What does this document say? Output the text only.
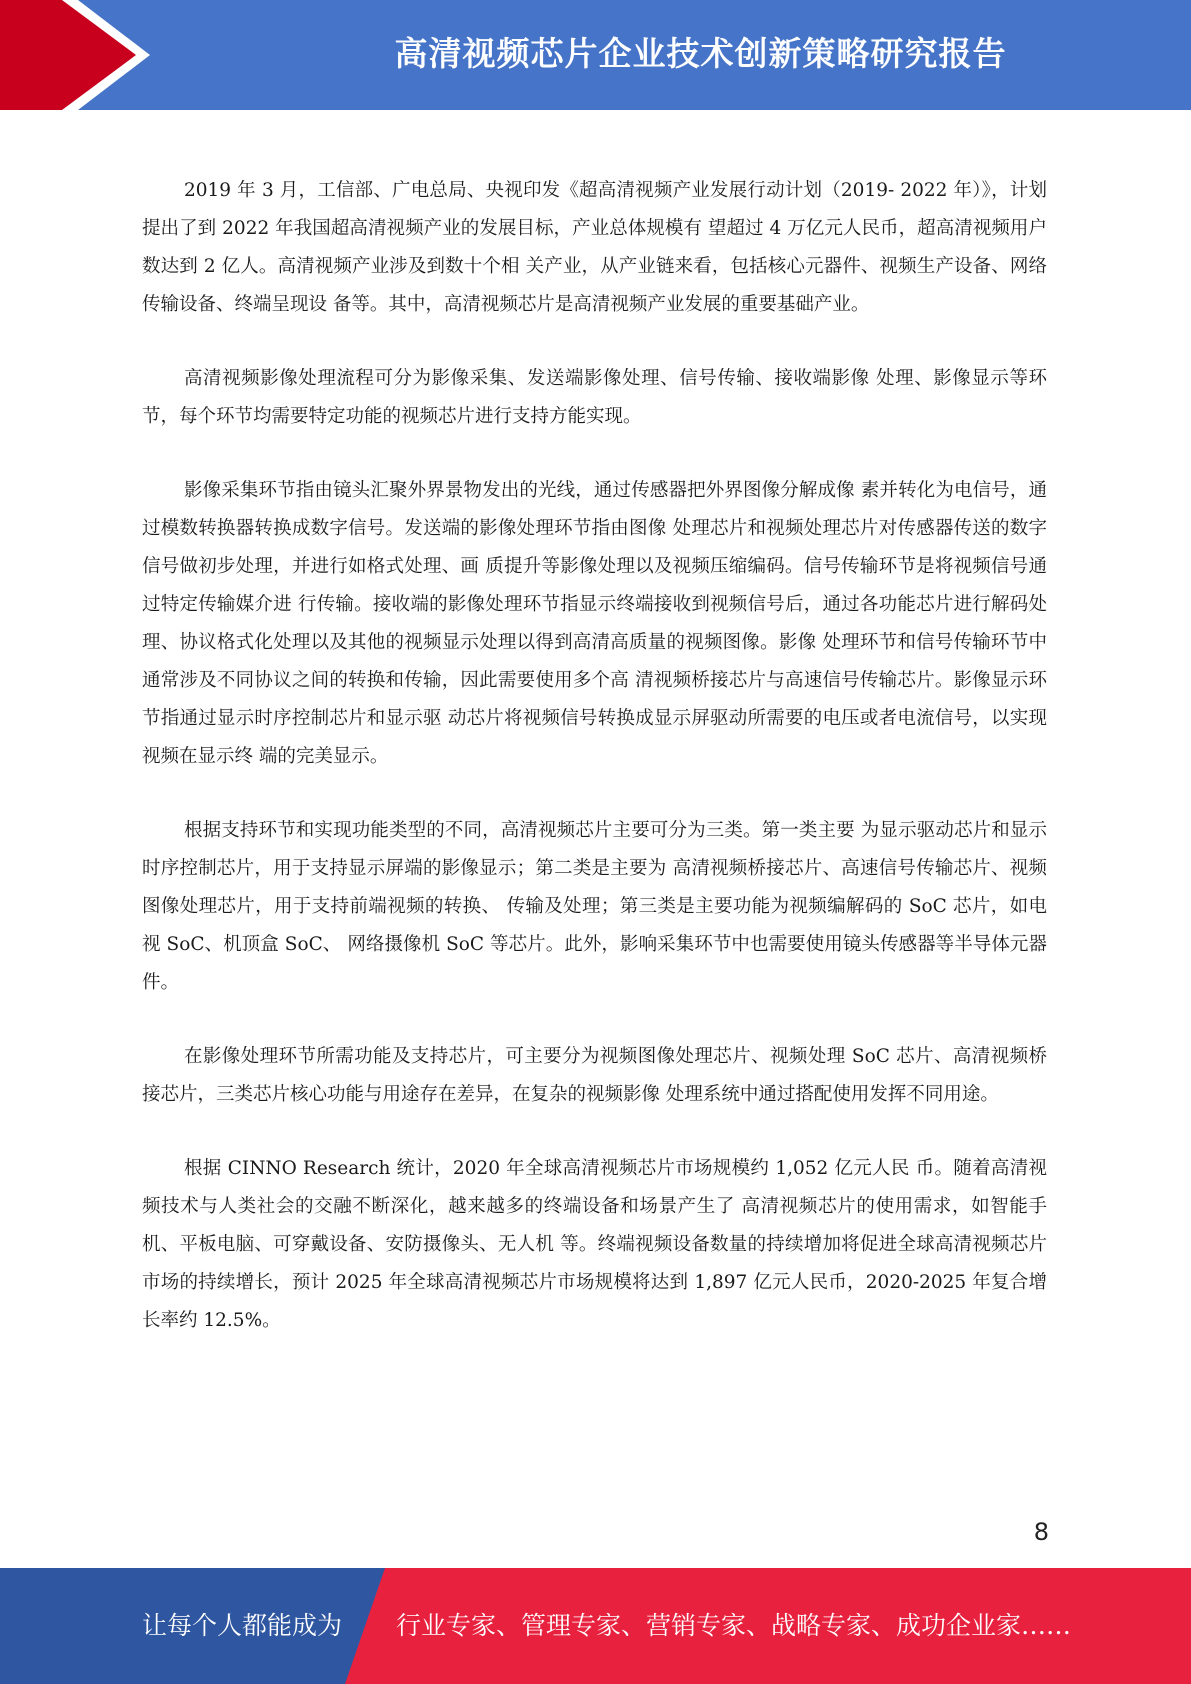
高清视频芯片企业技术创新策略研究报告

2019 年 3 月，工信部、广电总局、央视印发《超高清视频产业发展行动计划（2019- 2022 年）》，计划提出了到 2022 年我国超高清视频产业的发展目标，产业总体规模有 望超过 4 万亿元人民币，超高清视频用户数达到 2 亿人。高清视频产业涉及到数十个相 关产业，从产业链来看，包括核心元器件、视频生产设备、网络传输设备、终端呈现设 备等。其中，高清视频芯片是高清视频产业发展的重要基础产业。

高清视频影像处理流程可分为影像采集、发送端影像处理、信号传输、接收端影像 处理、影像显示等环节，每个环节均需要特定功能的视频芯片进行支持方能实现。

影像采集环节指由镜头汇聚外界景物发出的光线，通过传感器把外界图像分解成像 素并转化为电信号，通过模数转换器转换成数字信号。发送端的影像处理环节指由图像 处理芯片和视频处理芯片对传感器传送的数字信号做初步处理，并进行如格式处理、画 质提升等影像处理以及视频压缩编码。信号传输环节是将视频信号通过特定传输媒介进 行传输。接收端的影像处理环节指显示终端接收到视频信号后，通过各功能芯片进行解码处理、协议格式化处理以及其他的视频显示处理以得到高清高质量的视频图像。影像 处理环节和信号传输环节中通常涉及不同协议之间的转换和传输，因此需要使用多个高 清视频桥接芯片与高速信号传输芯片。影像显示环节指通过显示时序控制芯片和显示驱 动芯片将视频信号转换成显示屏驱动所需要的电压或者电流信号，以实现视频在显示终 端的完美显示。

根据支持环节和实现功能类型的不同，高清视频芯片主要可分为三类。第一类主要 为显示驱动芯片和显示时序控制芯片，用于支持显示屏端的影像显示；第二类是主要为 高清视频桥接芯片、高速信号传输芯片、视频图像处理芯片，用于支持前端视频的转换、 传输及处理；第三类是主要功能为视频编解码的 SoC 芯片，如电视 SoC、机顶盒 SoC、 网络摄像机 SoC 等芯片。此外，影响采集环节中也需要使用镜头传感器等半导体元器 件。

在影像处理环节所需功能及支持芯片，可主要分为视频图像处理芯片、视频处理 SoC 芯片、高清视频桥接芯片，三类芯片核心功能与用途存在差异，在复杂的视频影像 处理系统中通过搭配使用发挥不同用途。

根据 CINNO Research 统计，2020 年全球高清视频芯片市场规模约 1,052 亿元人民 币。随着高清视频技术与人类社会的交融不断深化，越来越多的终端设备和场景产生了 高清视频芯片的使用需求，如智能手机、平板电脑、可穿戴设备、安防摄像头、无人机 等。终端视频设备数量的持续增加将促进全球高清视频芯片市场的持续增长，预计 2025 年全球高清视频芯片市场规模将达到 1,897 亿元人民币，2020-2025 年复合增长率约 12.5%。

8
让每个人都能成为 行业专家、管理专家、营销专家、战略专家、成功企业家……
